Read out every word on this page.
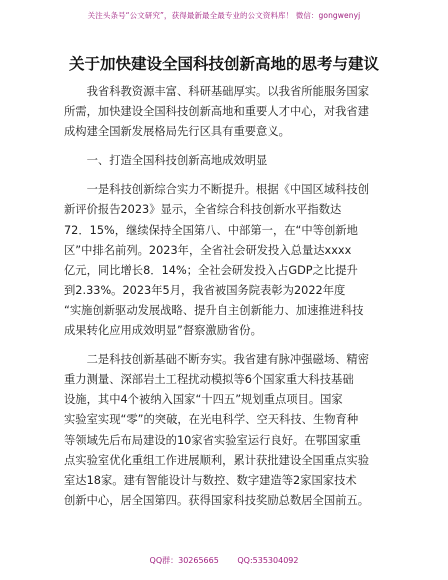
关注头条号“公文研究”，获得最新最全最专业的公文资料库！ 微信：gongwenyj
关于加快建设全国科技创新高地的思考与建议
　　我省科教资源丰富、科研基础厚实。以我省所能服务国家
所需，加快建设全国科技创新高地和重要人才中心，对我省建
成构建全国新发展格局先行区具有重要意义。
　　一、打造全国科技创新高地成效明显
　　一是科技创新综合实力不断提升。根据《中国区域科技创
新评价报告2023》显示，全省综合科技创新水平指数达
72．15%，继续保持全国第八、中部第一，在“中等创新地
区”中排名前列。2023年，全省社会研发投入总量达xxxx
亿元，同比增长8．14%；全社会研发投入占GDP之比提升
到2.33%。2023年5月，我省被国务院表彰为2022年度
“实施创新驱动发展战略、提升自主创新能力、加速推进科技
成果转化应用成效明显”督察激励省份。
　　二是科技创新基础不断夯实。我省建有脉冲强磁场、精密
重力测量、深部岩土工程扰动模拟等6个国家重大科技基础
设施，其中4个被纳入国家“十四五”规划重点项目。国家
实验室实现“零”的突破，在光电科学、空天科技、生物育种
等领域先后布局建设的10家省实验室运行良好。在鄂国家重
点实验室优化重组工作进展顺利，累计获批建设全国重点实验
室达18家。建有智能设计与数控、数字建造等2家国家技术
创新中心，居全国第四。获得国家科技奖励总数居全国前五。
QQ群：30265665 QQ:535304092
